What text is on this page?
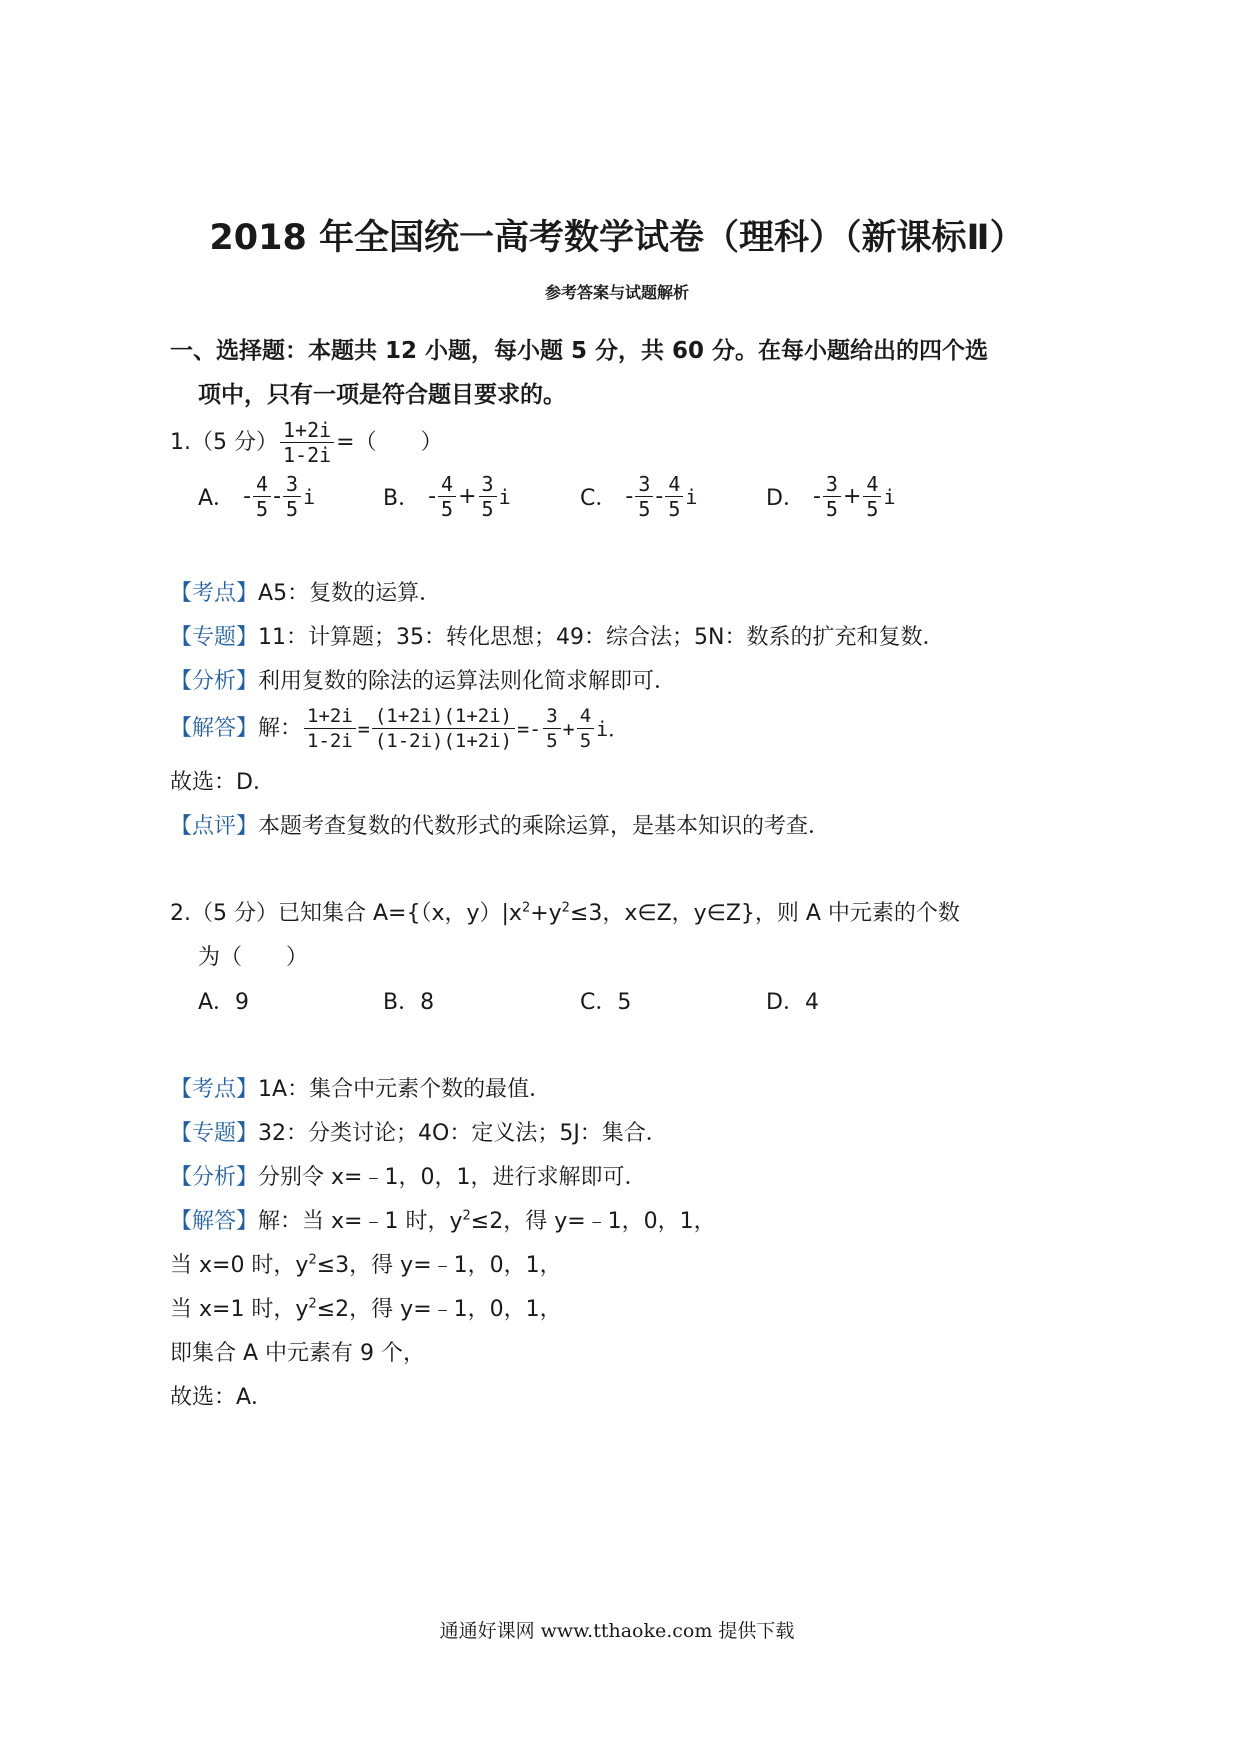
2018 年全国统一高考数学试卷（理科）（新课标Ⅱ）
参考答案与试题解析
一、选择题：本题共 12 小题，每小题 5 分，共 60 分。在每小题给出的四个选
项中，只有一项是符合题目要求的。
1.（5 分） $\frac{1+2i}{1-2i}$ =（　　）
A． - $\frac{4}{5} - \frac{3}{5}$ i	B． - $\frac{4}{5} + \frac{3}{5}$ i	C． - $\frac{3}{5} - \frac{4}{5}$ i	D． - $\frac{3}{5} + \frac{4}{5}$ i
【考点】A5：复数的运算．
【专题】11：计算题；35：转化思想；49：综合法；5N：数系的扩充和复数．
【分析】利用复数的除法的运算法则化简求解即可．
【解答】 解： $\frac{1+2i}{1-2i} = \frac{(1+2i)(1+2i)}{(1-2i)(1+2i)} =- \frac{3}{5} + \frac{4}{5}$ i．
故选：D．
【点评】本题考查复数的代数形式的乘除运算，是基本知识的考查．
2.（5 分）已知集合 A={（x，$y)|x^2+y^2\le 3$，x∈Z，y∈Z}，则 A 中元素的个数
为（　　）
A．9	B．8	C．5	D．4
【考点】1A：集合中元素个数的最值．
【专题】32：分类讨论；4O：定义法；5J：集合．
【分析】分别令 x=﹣1，0，1，进行求解即可．
【解答】解：当 x=﹣1 时，$y^2\le 2$，得 y=﹣1，0，1，
当 x=0 时，$y^2\le 3$，得 y=﹣1，0，1，
当 x=1 时，$y^2\le 2$，得 y=﹣1，0，1，
即集合 A 中元素有 9 个，
故选：A．
通通好课网 www.tthaoke.com 提供下载
